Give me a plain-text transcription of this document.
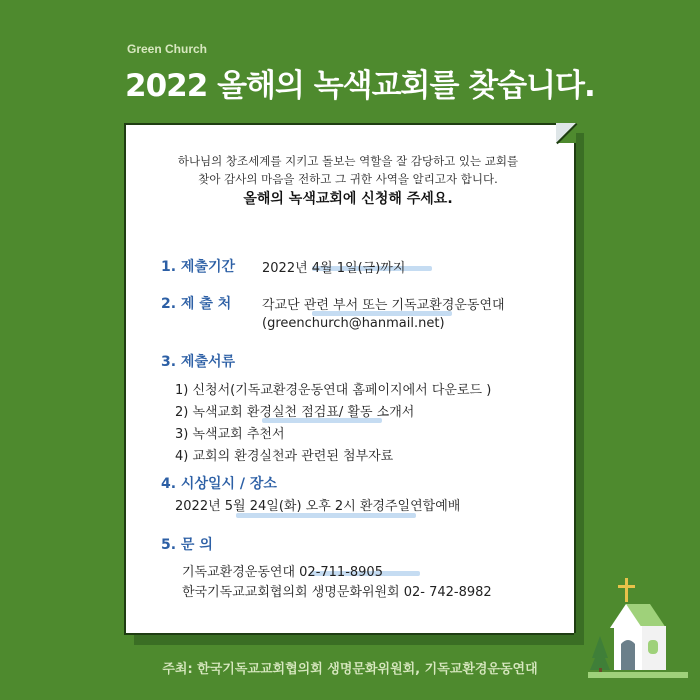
Green Church
2022 올해의 녹색교회를 찾습니다.
하나님의 창조세계를 지키고 돌보는 역할을 잘 감당하고 있는 교회를
찾아 감사의 마음을 전하고 그 귀한 사역을 알리고자 합니다.
올해의 녹색교회에 신청해 주세요.
1. 제출기간 2022년 4월 1일(금)까지
2. 제 출 처 각교단 관련 부서 또는 기독교환경운동연대
(greenchurch@hanmail.net)
3. 제출서류
1) 신청서(기독교환경운동연대 홈페이지에서 다운로드 )
2) 녹색교회 환경실천 점검표/ 활동 소개서
3) 녹색교회 추천서
4) 교회의 환경실천과 관련된 첨부자료
4. 시상일시 / 장소
2022년 5월 24일(화) 오후 2시 환경주일연합예배
5. 문 의
기독교환경운동연대 02-711-8905
한국기독교교회협의회 생명문화위원회 02- 742-8982
주최: 한국기독교교회협의회 생명문화위원회, 기독교환경운동연대
